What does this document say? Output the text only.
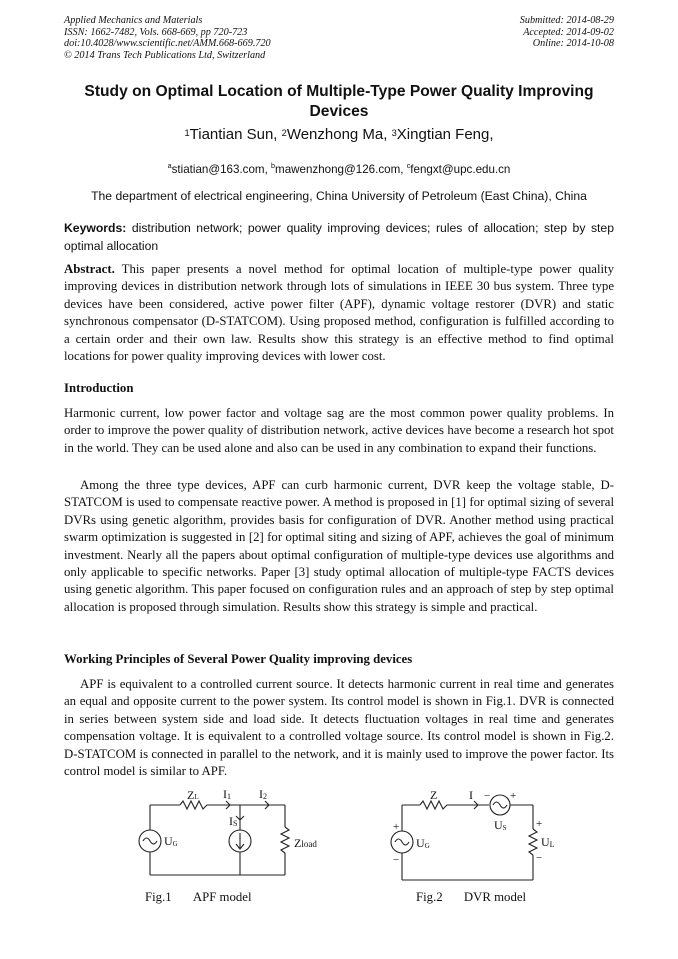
Applied Mechanics and Materials
ISSN: 1662-7482, Vols. 668-669, pp 720-723
doi:10.4028/www.scientific.net/AMM.668-669.720
© 2014 Trans Tech Publications Ltd, Switzerland
Submitted: 2014-08-29
Accepted: 2014-09-02
Online: 2014-10-08
Study on Optimal Location of Multiple-Type Power Quality Improving Devices
$^1$Tiantian Sun, $^2$Wenzhong Ma, $^3$Xingtian Feng,
$^a$stiatian@163.com, $^b$mawenzhong@126.com, $^c$fengxt@upc.edu.cn
The department of electrical engineering, China University of Petroleum (East China), China
Keywords: distribution network; power quality improving devices; rules of allocation; step by step optimal allocation
Abstract. This paper presents a novel method for optimal location of multiple-type power quality improving devices in distribution network through lots of simulations in IEEE 30 bus system. Three type devices have been considered, active power filter (APF), dynamic voltage restorer (DVR) and static synchronous compensator (D-STATCOM). Using proposed method, configuration is fulfilled according to a certain order and their own law. Results show this strategy is an effective method to find optimal locations for power quality improving devices with lower cost.
Introduction
Harmonic current, low power factor and voltage sag are the most common power quality problems. In order to improve the power quality of distribution network, active devices have become a research hot spot in the world. They can be used alone and also can be used in any combination to expand their functions.
Among the three type devices, APF can curb harmonic current, DVR keep the voltage stable, D-STATCOM is used to compensate reactive power. A method is proposed in [1] for optimal sizing of several DVRs using genetic algorithm, provides basis for configuration of DVR. Another method using practical swarm optimization is suggested in [2] for optimal siting and sizing of APF, achieves the goal of minimum investment. Nearly all the papers about optimal configuration of multiple-type devices use algorithms and only applicable to specific networks. Paper [3] study optimal allocation of multiple-type FACTS devices using genetic algorithm. This paper focused on configuration rules and an approach of step by step optimal allocation is proposed through simulation. Results show this strategy is simple and practical.
Working Principles of Several Power Quality improving devices
APF is equivalent to a controlled current source. It detects harmonic current in real time and generates an equal and opposite current to the power system. Its control model is shown in Fig.1. DVR is connected in series between system side and load side. It detects fluctuation voltages in real time and generates compensation voltage. It is equivalent to a controlled voltage source. Its control model is shown in Fig.2. D-STATCOM is connected in parallel to the network, and it is mainly used to improve the power factor. Its control model is similar to APF.
ZL I1 I2
IS
UG	Zload
Fig.1 APF model
Z	I − +
US
+
−
UG
+
−
UL
Fig.2 DVR model
